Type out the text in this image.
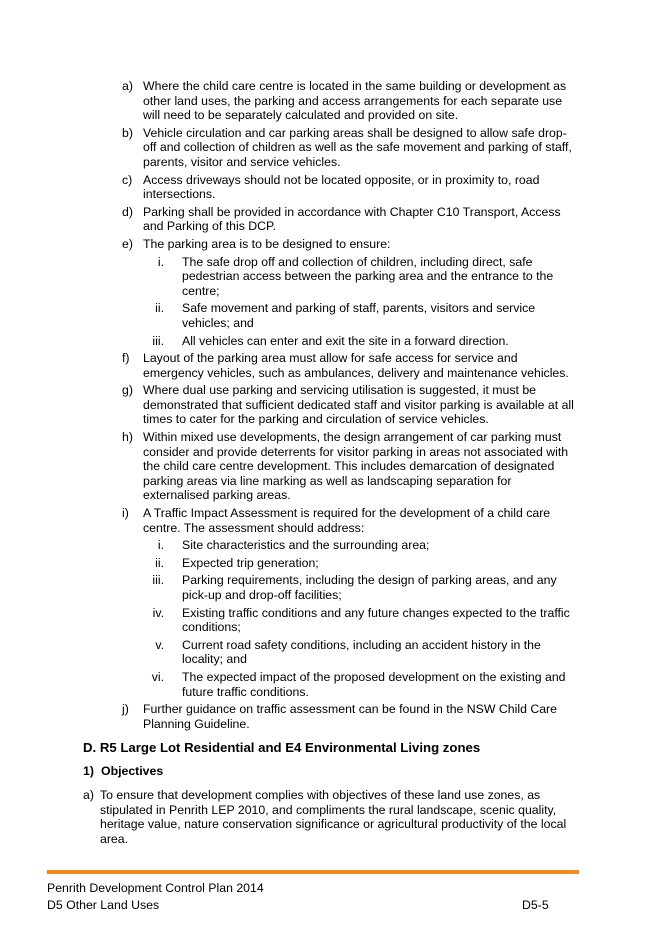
a) Where the child care centre is located in the same building or development as other land uses, the parking and access arrangements for each separate use will need to be separately calculated and provided on site.
b) Vehicle circulation and car parking areas shall be designed to allow safe drop-off and collection of children as well as the safe movement and parking of staff, parents, visitor and service vehicles.
c) Access driveways should not be located opposite, or in proximity to, road intersections.
d) Parking shall be provided in accordance with Chapter C10 Transport, Access and Parking of this DCP.
e) The parking area is to be designed to ensure:
i. The safe drop off and collection of children, including direct, safe pedestrian access between the parking area and the entrance to the centre;
ii. Safe movement and parking of staff, parents, visitors and service vehicles; and
iii. All vehicles can enter and exit the site in a forward direction.
f) Layout of the parking area must allow for safe access for service and emergency vehicles, such as ambulances, delivery and maintenance vehicles.
g) Where dual use parking and servicing utilisation is suggested, it must be demonstrated that sufficient dedicated staff and visitor parking is available at all times to cater for the parking and circulation of service vehicles.
h) Within mixed use developments, the design arrangement of car parking must consider and provide deterrents for visitor parking in areas not associated with the child care centre development. This includes demarcation of designated parking areas via line marking as well as landscaping separation for externalised parking areas.
i) A Traffic Impact Assessment is required for the development of a child care centre. The assessment should address:
i. Site characteristics and the surrounding area;
ii. Expected trip generation;
iii. Parking requirements, including the design of parking areas, and any pick-up and drop-off facilities;
iv. Existing traffic conditions and any future changes expected to the traffic conditions;
v. Current road safety conditions, including an accident history in the locality; and
vi. The expected impact of the proposed development on the existing and future traffic conditions.
j) Further guidance on traffic assessment can be found in the NSW Child Care Planning Guideline.
D. R5 Large Lot Residential and E4 Environmental Living zones
1) Objectives
a) To ensure that development complies with objectives of these land use zones, as stipulated in Penrith LEP 2010, and compliments the rural landscape, scenic quality, heritage value, nature conservation significance or agricultural productivity of the local area.
Penrith Development Control Plan 2014
D5 Other Land Uses	D5-5
